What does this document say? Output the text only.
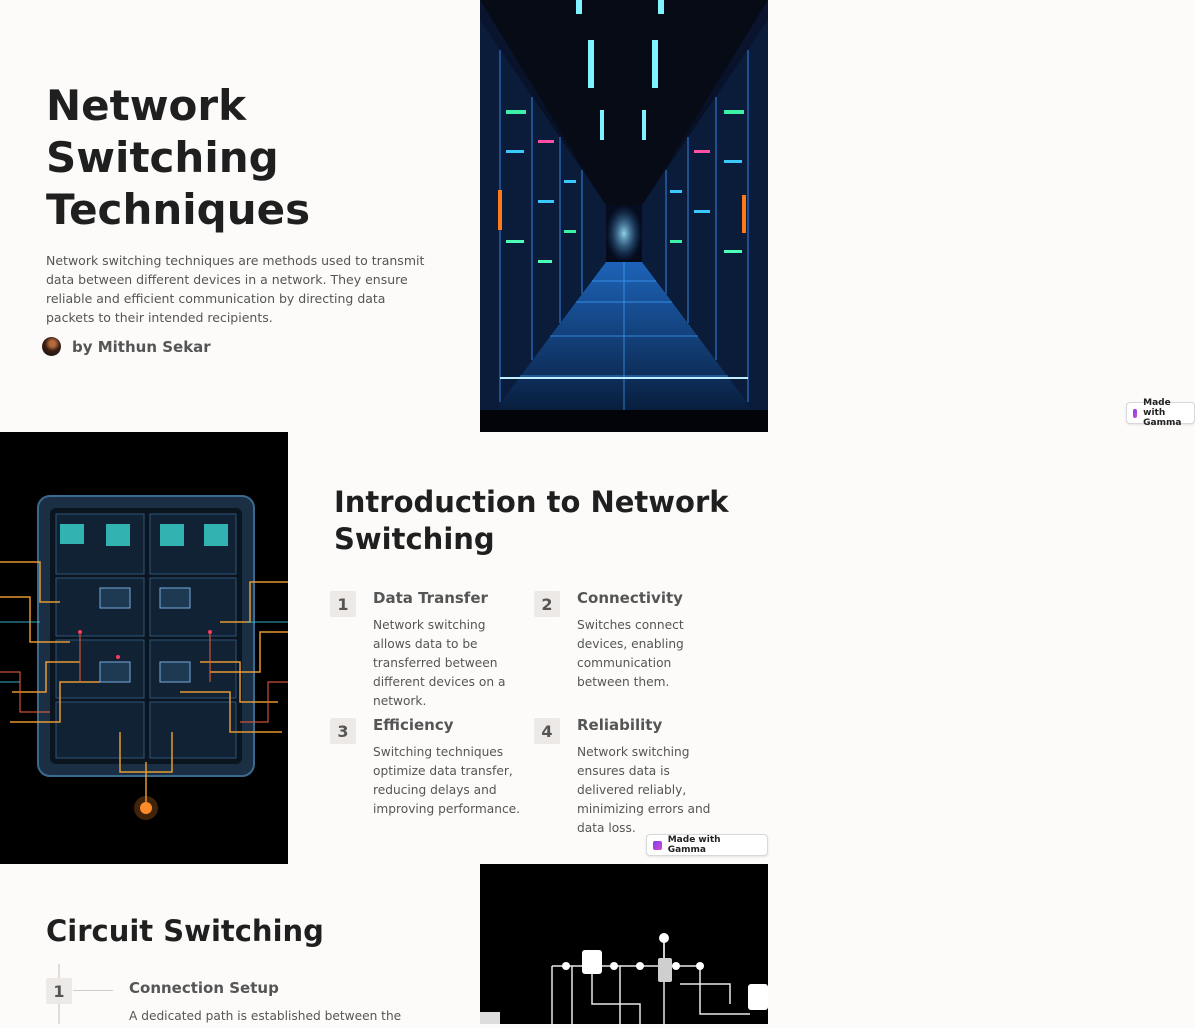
Network Switching Techniques

Network switching techniques are methods used to transmit data between different devices in a network. They ensure reliable and efficient communication by directing data packets to their intended recipients.

by Mithun Sekar
Made with Gamma
Introduction to Network Switching
1	Data Transfer
Network switching allows data to be transferred between different devices on a network.
2	Connectivity
Switches connect devices, enabling communication between them.
3	Efficiency
Switching techniques optimize data transfer, reducing delays and improving performance.
4	Reliability
Network switching ensures data is delivered reliably, minimizing errors and data loss.
Made with Gamma
Circuit Switching
1	Connection Setup
A dedicated path is established between the
